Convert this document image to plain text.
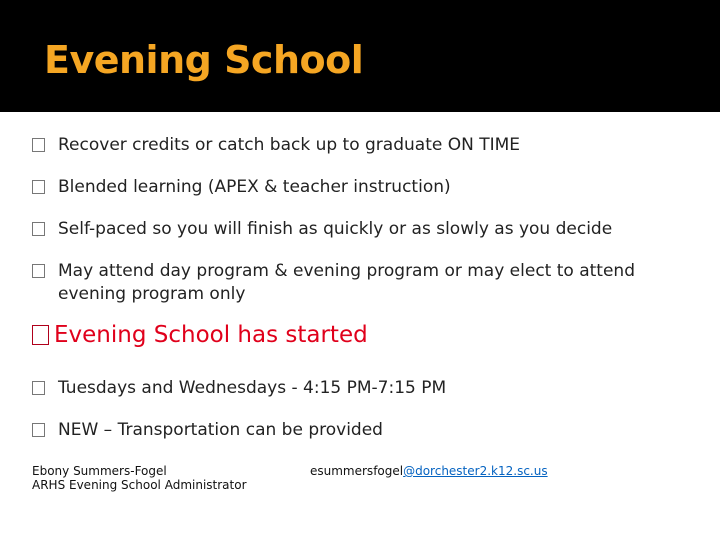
Evening School
Recover credits or catch back up to graduate ON TIME
Blended learning (APEX & teacher instruction)
Self-paced so you will finish as quickly or as slowly as you decide
May attend day program & evening program or may elect to attend
evening program only
Evening School has started
Tuesdays and Wednesdays - 4:15 PM-7:15 PM
NEW – Transportation can be provided
Ebony Summers-Fogel
ARHS Evening School Administrator
esummersfogel@dorchester2.k12.sc.us
